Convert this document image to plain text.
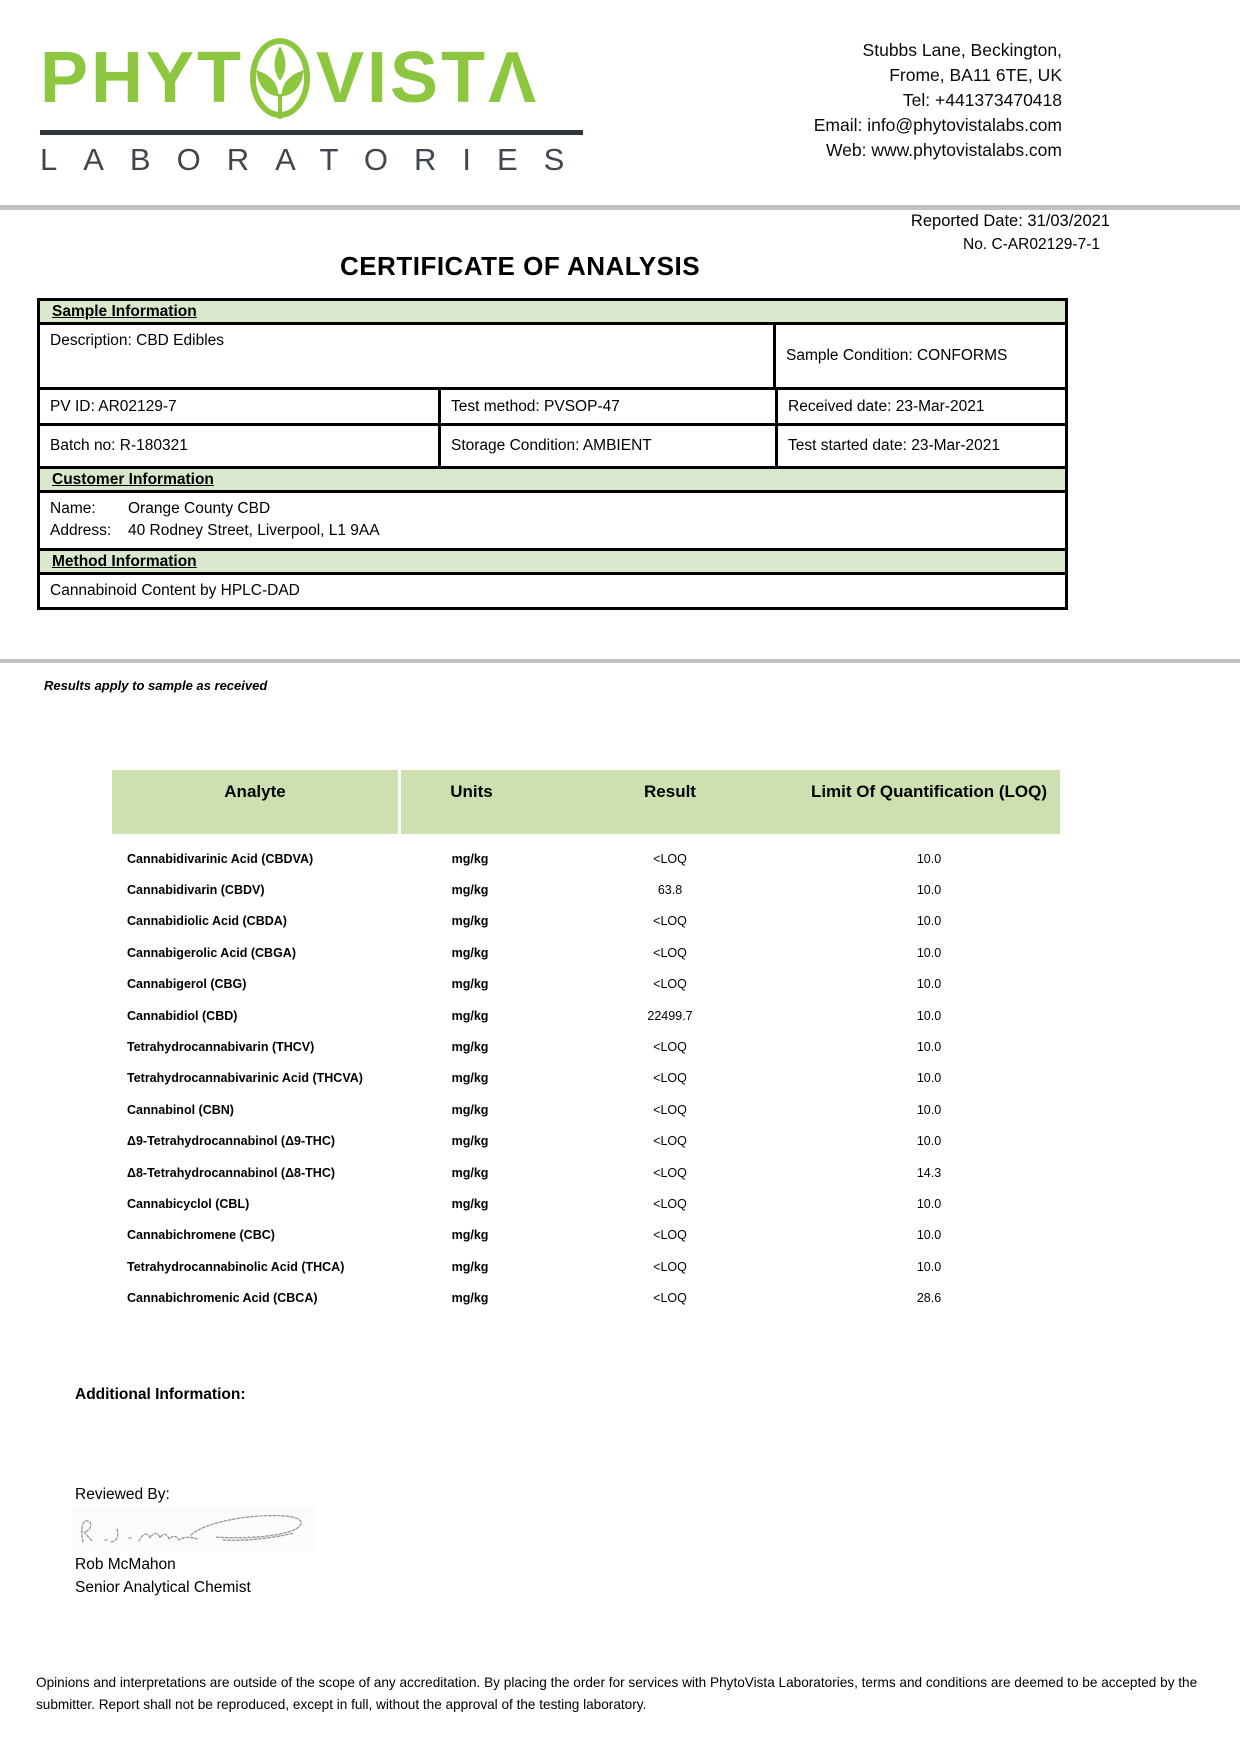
PHYT VISTΛ
LABORATORIES
Stubbs Lane, Beckington,
Frome, BA11 6TE, UK
Tel: +441373470418
Email: info@phytovistalabs.com
Web: www.phytovistalabs.com
Reported Date: 31/03/2021
CERTIFICATE OF ANALYSIS
No. C-AR02129-7-1
Sample Information
Description: CBD Edibles
Sample Condition: CONFORMS
PV ID: AR02129-7	Test method: PVSOP-47	Received date: 23-Mar-2021
Batch no: R-180321	Storage Condition: AMBIENT	Test started date: 23-Mar-2021
Customer Information
Name:	Orange County CBD
Address:	40 Rodney Street, Liverpool, L1 9AA
Method Information
Cannabinoid Content by HPLC-DAD
Results apply to sample as received
Analyte	Units	Result	Limit Of Quantification (LOQ)
Cannabidivarinic Acid (CBDVA)	mg/kg	<LOQ	10.0
Cannabidivarin (CBDV)	mg/kg	63.8	10.0
Cannabidiolic Acid (CBDA)	mg/kg	<LOQ	10.0
Cannabigerolic Acid (CBGA)	mg/kg	<LOQ	10.0
Cannabigerol (CBG)	mg/kg	<LOQ	10.0
Cannabidiol (CBD)	mg/kg	22499.7	10.0
Tetrahydrocannabivarin (THCV)	mg/kg	<LOQ	10.0
Tetrahydrocannabivarinic Acid (THCVA)	mg/kg	<LOQ	10.0
Cannabinol (CBN)	mg/kg	<LOQ	10.0
Δ9-Tetrahydrocannabinol (Δ9-THC)	mg/kg	<LOQ	10.0
Δ8-Tetrahydrocannabinol (Δ8-THC)	mg/kg	<LOQ	14.3
Cannabicyclol (CBL)	mg/kg	<LOQ	10.0
Cannabichromene (CBC)	mg/kg	<LOQ	10.0
Tetrahydrocannabinolic Acid (THCA)	mg/kg	<LOQ	10.0
Cannabichromenic Acid (CBCA)	mg/kg	<LOQ	28.6
Additional Information:
Reviewed By:
Rob McMahon
Senior Analytical Chemist
Opinions and interpretations are outside of the scope of any accreditation. By placing the order for services with PhytoVista Laboratories, terms and conditions are deemed to be accepted by the submitter. Report shall not be reproduced, except in full, without the approval of the testing laboratory.
